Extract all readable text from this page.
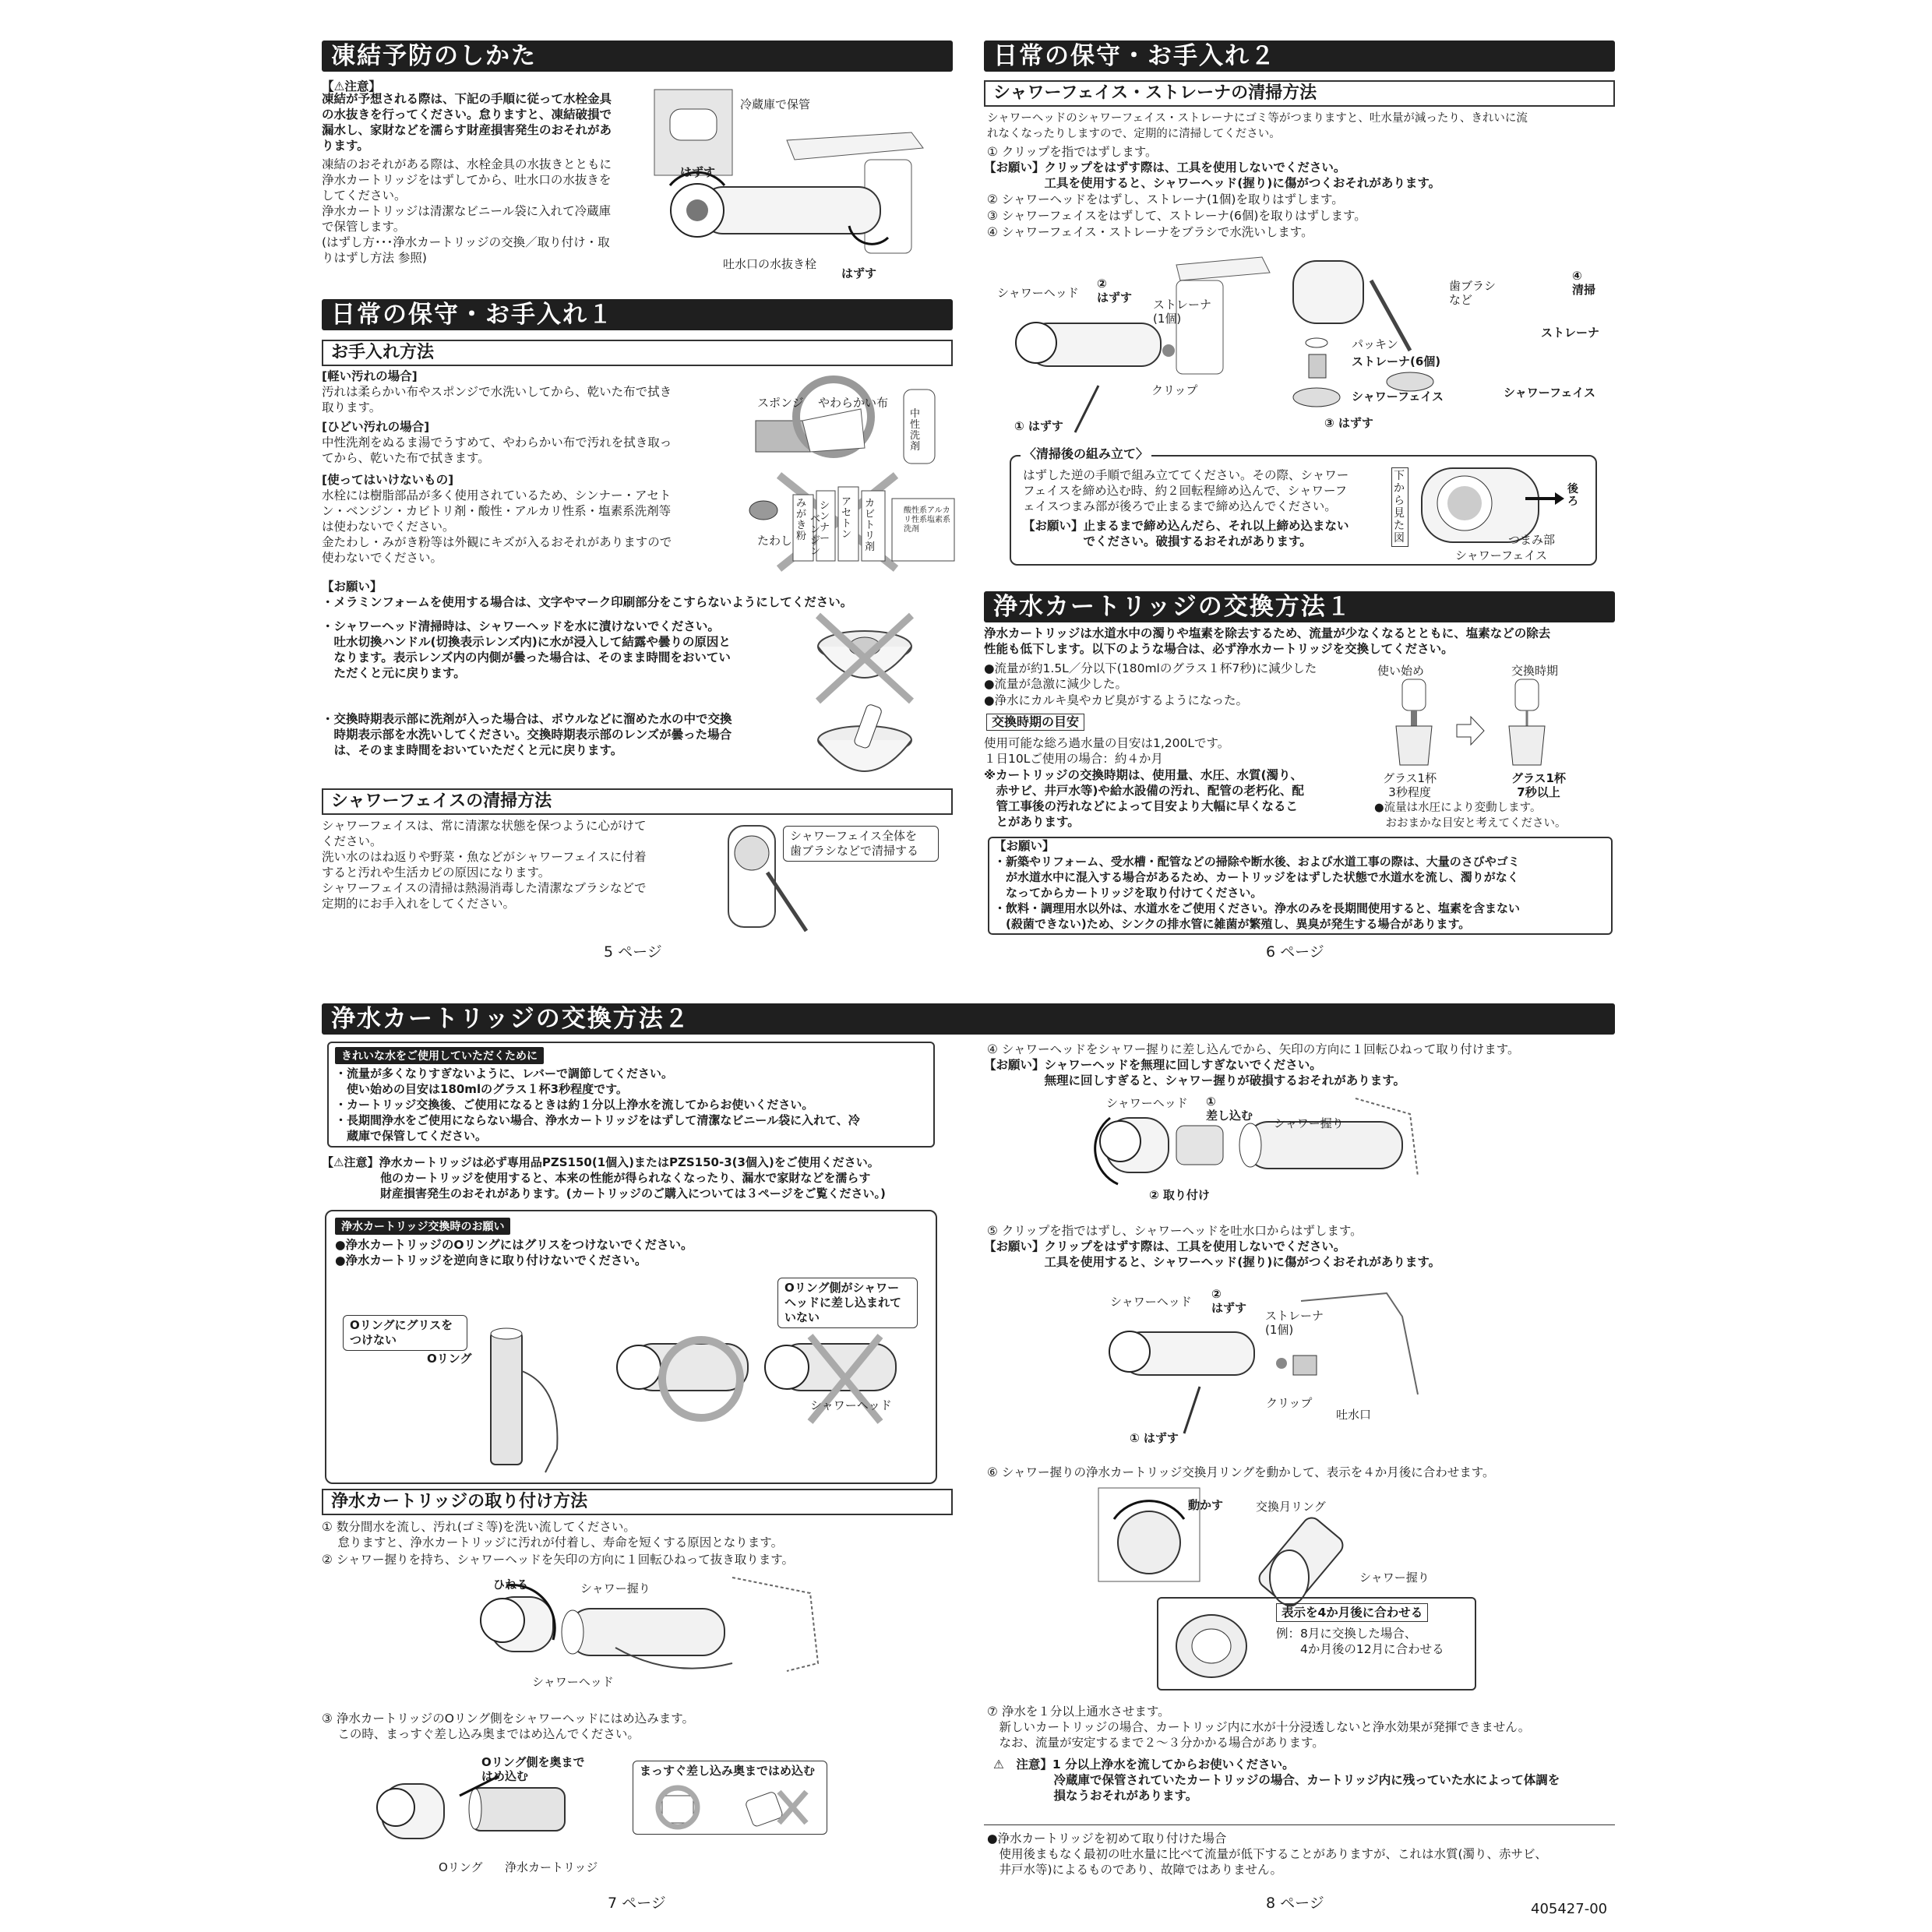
凍結予防のしかた
【⚠注意】
凍結が予想される際は、下記の手順に従って水栓金具
の水抜きを行ってください。怠りますと、凍結破損で
漏水し、家財などを濡らす財産損害発生のおそれがあ
ります。
凍結のおそれがある際は、水栓金具の水抜きとともに
浄水カートリッジをはずしてから、吐水口の水抜きを
してください。
浄水カートリッジは清潔なビニール袋に入れて冷蔵庫
で保管します。
(はずし方･･･浄水カートリッジの交換／取り付け・取
りはずし方法 参照)
冷蔵庫で保管
はずす
吐水口の水抜き栓
はずす
日常の保守・お手入れ１
お手入れ方法
[軽い汚れの場合]
汚れは柔らかい布やスポンジで水洗いしてから、乾いた布で拭き
取ります。
[ひどい汚れの場合]
中性洗剤をぬるま湯でうすめて、やわらかい布で汚れを拭き取っ
てから、乾いた布で拭きます。
[使ってはいけないもの]
水栓には樹脂部品が多く使用されているため、シンナー・アセト
ン・ベンジン・カビトリ剤・酸性・アルカリ性系・塩素系洗剤等
は使わないでください。
金たわし・みがき粉等は外観にキズが入るおそれがありますので
使わないでください。
スポンジ やわらかい布
中性洗剤
たわし
みがき粉
ベンジン
シンナー
アセトン
カビトリ剤
酸性系アルカリ性系塩素系洗剤
【お願い】
・メラミンフォームを使用する場合は、文字やマーク印刷部分をこすらないようにしてください。
・シャワーヘッド清掃時は、シャワーヘッドを水に漬けないでください。
　吐水切換ハンドル(切換表示レンズ内)に水が浸入して結露や曇りの原因と
　なります。表示レンズ内の内側が曇った場合は、そのまま時間をおいてい
　ただくと元に戻ります。
・交換時期表示部に洗剤が入った場合は、ボウルなどに溜めた水の中で交換
　時期表示部を水洗いしてください。交換時期表示部のレンズが曇った場合
　は、そのまま時間をおいていただくと元に戻ります。
シャワーフェイスの清掃方法
シャワーフェイスは、常に清潔な状態を保つように心がけて
ください。
洗い水のはね返りや野菜・魚などがシャワーフェイスに付着
すると汚れや生活カビの原因になります。
シャワーフェイスの清掃は熱湯消毒した清潔なブラシなどで
定期的にお手入れをしてください。
シャワーフェイス全体を
歯ブラシなどで清掃する
5 ページ
日常の保守・お手入れ２
シャワーフェイス・ストレーナの清掃方法
シャワーヘッドのシャワーフェイス・ストレーナにゴミ等がつまりますと、吐水量が減ったり、きれいに流
れなくなったりしますので、定期的に清掃してください。
① クリップを指ではずします。
【お願い】クリップをはずす際は、工具を使用しないでください。
　　　　　工具を使用すると、シャワーヘッド(握り)に傷がつくおそれがあります。
② シャワーヘッドをはずし、ストレーナ(1個)を取りはずします。
③ シャワーフェイスをはずして、ストレーナ(6個)を取りはずします。
④ シャワーフェイス・ストレーナをブラシで水洗いします。
シャワーヘッド
②
はずす ストレーナ
(1個)
クリップ
① はずす
パッキン
ストレーナ(6個)
シャワーフェイス
③ はずす
歯ブラシ
など
④
清掃
ストレーナ
シャワーフェイス
〈清掃後の組み立て〉
はずした逆の手順で組み立ててください。その際、シャワー
フェイスを締め込む時、約２回転程締め込んで、シャワーフ
ェイスつまみ部が後ろで止まるまで締め込んでください。
【お願い】止まるまで締め込んだら、それ以上締め込まない
　　　　　でください。破損するおそれがあります。
下から見た図
後ろ
つまみ部
シャワーフェイス
浄水カートリッジの交換方法１
浄水カートリッジは水道水中の濁りや塩素を除去するため、流量が少なくなるとともに、塩素などの除去
性能も低下します。以下のような場合は、必ず浄水カートリッジを交換してください。
●流量が約1.5L／分以下(180mlのグラス１杯7秒)に減少した
●流量が急激に減少した。
●浄水にカルキ臭やカビ臭がするようになった。
交換時期の目安
使用可能な総ろ過水量の目安は1,200Lです。
１日10Lご使用の場合：約４か月
※カートリッジの交換時期は、使用量、水圧、水質(濁り、
　赤サビ、井戸水等)や給水設備の汚れ、配管の老朽化、配
　管工事後の汚れなどによって目安より大幅に早くなるこ
　とがあります。
使い始め	交換時期
グラス1杯
3秒程度
グラス1杯
7秒以上
●流量は水圧により変動します。
　おおまかな目安と考えてください。
【お願い】
・新築やリフォーム、受水槽・配管などの掃除や断水後、および水道工事の際は、大量のさびやゴミ
　が水道水中に混入する場合があるため、カートリッジをはずした状態で水道水を流し、濁りがなく
　なってからカートリッジを取り付けてください。
・飲料・調理用水以外は、水道水をご使用ください。浄水のみを長期間使用すると、塩素を含まない
　(殺菌できない)ため、シンクの排水管に雑菌が繁殖し、異臭が発生する場合があります。
6 ページ
浄水カートリッジの交換方法２
きれいな水をご使用していただくために
・流量が多くなりすぎないように、レバーで調節してください。
　使い始めの目安は180mlのグラス１杯3秒程度です。
・カートリッジ交換後、ご使用になるときは約１分以上浄水を流してからお使いください。
・長期間浄水をご使用にならない場合、浄水カートリッジをはずして清潔なビニール袋に入れて、冷
　蔵庫で保管してください。
【⚠注意】浄水カートリッジは必ず専用品PZS150(1個入)またはPZS150-3(3個入)をご使用ください。
　　　　　他のカートリッジを使用すると、本来の性能が得られなくなったり、漏水で家財などを濡らす
　　　　　財産損害発生のおそれがあります。(カートリッジのご購入については３ページをご覧ください。)
浄水カートリッジ交換時のお願い
●浄水カートリッジのOリングにはグリスをつけないでください。
●浄水カートリッジを逆向きに取り付けないでください。
Oリングにグリスを
つけない
Oリング
Oリング側がシャワー
ヘッドに差し込まれて
いない
シャワーヘッド
浄水カートリッジの取り付け方法
① 数分間水を流し、汚れ(ゴミ等)を洗い流してください。
　 怠りますと、浄水カートリッジに汚れが付着し、寿命を短くする原因となります。
② シャワー握りを持ち、シャワーヘッドを矢印の方向に１回転ひねって抜き取ります。
ひねる	シャワー握り
シャワーヘッド
③ 浄水カートリッジのOリング側をシャワーヘッドにはめ込みます。
　 この時、まっすぐ差し込み奥まではめ込んでください。
Oリング側を奥まで
はめ込む	まっすぐ差し込み奥まではめ込む
Oリング 浄水カートリッジ
7 ページ
④ シャワーヘッドをシャワー握りに差し込んでから、矢印の方向に１回転ひねって取り付けます。
【お願い】シャワーヘッドを無理に回しすぎないでください。
　　　　　無理に回しすぎると、シャワー握りが破損するおそれがあります。
シャワーヘッド ①
差し込む
シャワー握り
② 取り付け
⑤ クリップを指ではずし、シャワーヘッドを吐水口からはずします。
【お願い】クリップをはずす際は、工具を使用しないでください。
　　　　　工具を使用すると、シャワーヘッド(握り)に傷がつくおそれがあります。
シャワーヘッド
②
はずす
ストレーナ
(1個)
クリップ
吐水口
① はずす
⑥ シャワー握りの浄水カートリッジ交換月リングを動かして、表示を４か月後に合わせます。
動かす	交換月リング
シャワー握り
表示を4か月後に合わせる
例：8月に交換した場合、
　　4か月後の12月に合わせる
⑦ 浄水を１分以上通水させます。
　新しいカートリッジの場合、カートリッジ内に水が十分浸透しないと浄水効果が発揮できません。
　なお、流量が安定するまで２～３分かかる場合があります。
⚠　注意】1 分以上浄水を流してからお使いください。
　　　　　冷蔵庫で保管されていたカートリッジの場合、カートリッジ内に残っていた水によって体調を
　　　　　損なうおそれがあります。
●浄水カートリッジを初めて取り付けた場合
　使用後まもなく最初の吐水量に比べて流量が低下することがありますが、これは水質(濁り、赤サビ、
　井戸水等)によるものであり、故障ではありません。
8 ページ	405427-00
